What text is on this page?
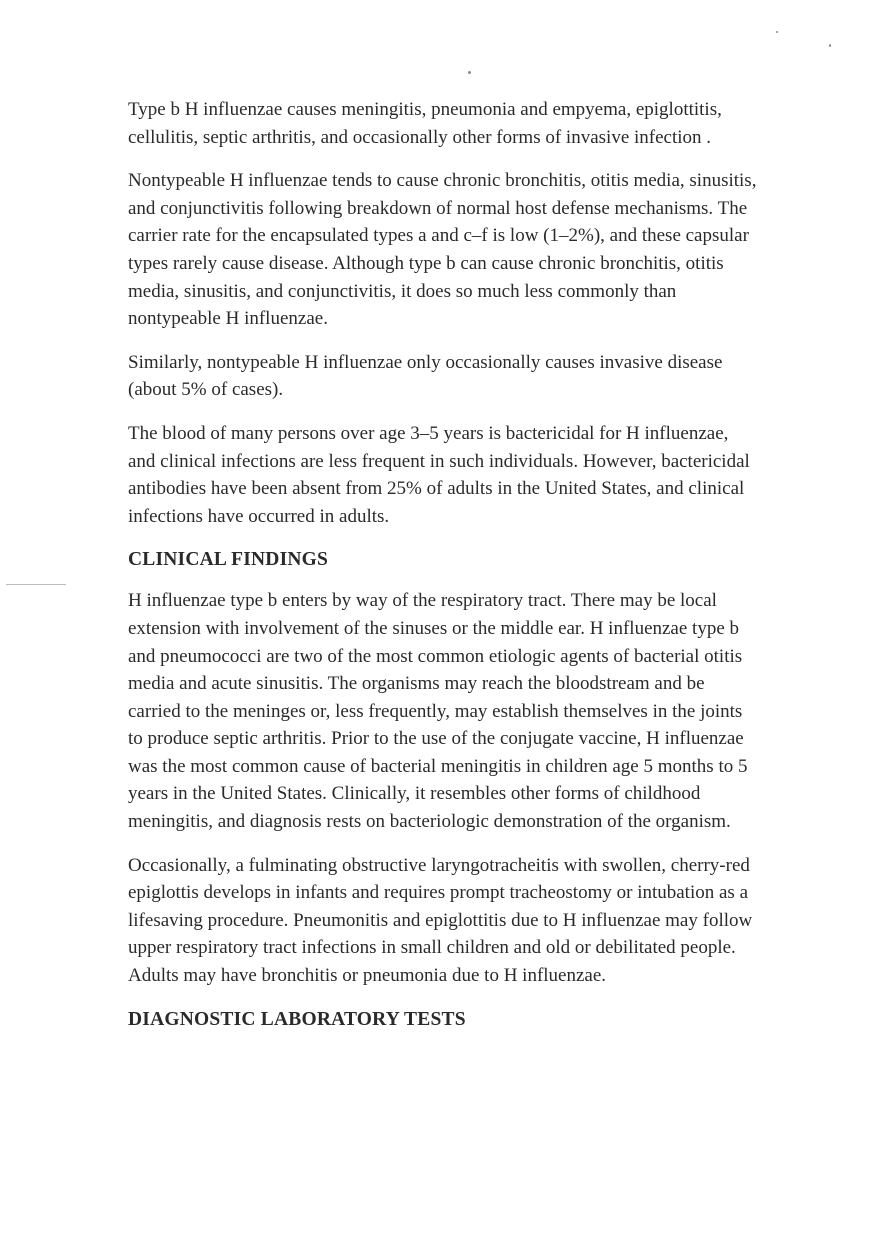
Type b H influenzae causes meningitis, pneumonia and empyema, epiglottitis, cellulitis, septic arthritis, and occasionally other forms of invasive infection .

Nontypeable H influenzae tends to cause chronic bronchitis, otitis media, sinusitis, and conjunctivitis following breakdown of normal host defense mechanisms. The carrier rate for the encapsulated types a and c–f is low (1–2%), and these capsular types rarely cause disease. Although type b can cause chronic bronchitis, otitis media, sinusitis, and conjunctivitis, it does so much less commonly than nontypeable H influenzae.

Similarly, nontypeable H influenzae only occasionally causes invasive disease (about 5% of cases).

The blood of many persons over age 3–5 years is bactericidal for H influenzae, and clinical infections are less frequent in such individuals. However, bactericidal antibodies have been absent from 25% of adults in the United States, and clinical infections have occurred in adults.

CLINICAL FINDINGS

H influenzae type b enters by way of the respiratory tract. There may be local extension with involvement of the sinuses or the middle ear. H influenzae type b and pneumococci are two of the most common etiologic agents of bacterial otitis media and acute sinusitis. The organisms may reach the bloodstream and be carried to the meninges or, less frequently, may establish themselves in the joints to produce septic arthritis. Prior to the use of the conjugate vaccine, H influenzae was the most common cause of bacterial meningitis in children age 5 months to 5 years in the United States. Clinically, it resembles other forms of childhood meningitis, and diagnosis rests on bacteriologic demonstration of the organism.

Occasionally, a fulminating obstructive laryngotracheitis with swollen, cherry-red epiglottis develops in infants and requires prompt tracheostomy or intubation as a lifesaving procedure. Pneumonitis and epiglottitis due to H influenzae may follow upper respiratory tract infections in small children and old or debilitated people. Adults may have bronchitis or pneumonia due to H influenzae.

DIAGNOSTIC LABORATORY TESTS
